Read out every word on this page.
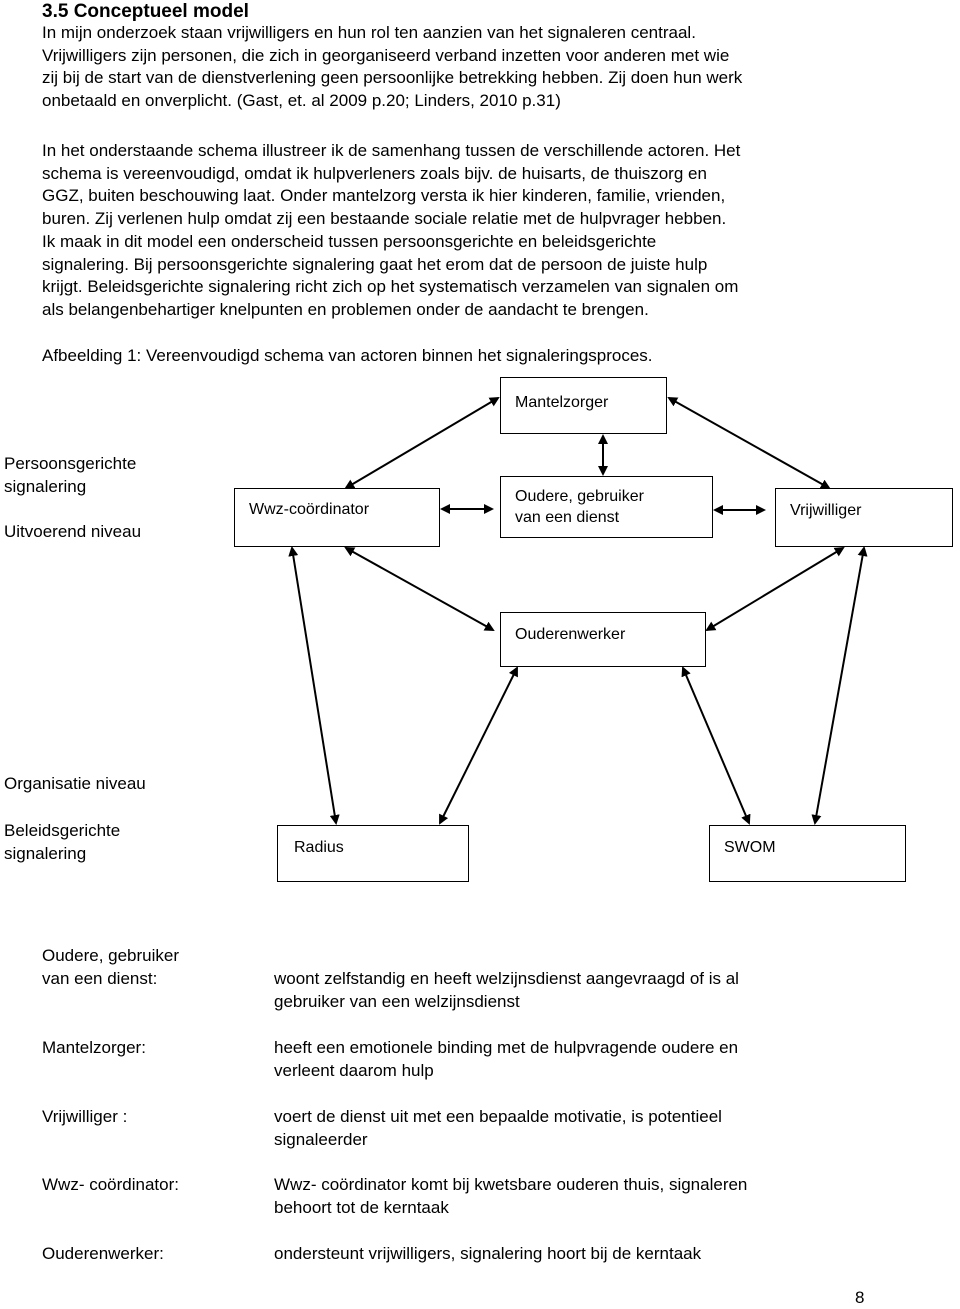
3.5 Conceptueel model
In mijn onderzoek staan vrijwilligers en hun rol ten aanzien van het signaleren centraal.
Vrijwilligers zijn personen, die zich in georganiseerd verband inzetten voor anderen met wie
zij bij de start van de dienstverlening geen persoonlijke betrekking hebben. Zij doen hun werk
onbetaald en onverplicht. (Gast, et. al 2009 p.20; Linders, 2010 p.31)
In het onderstaande schema illustreer ik de samenhang tussen de verschillende actoren. Het
schema is vereenvoudigd, omdat ik hulpverleners zoals bijv. de huisarts, de thuiszorg en
GGZ, buiten beschouwing laat. Onder mantelzorg versta ik hier kinderen, familie, vrienden,
buren. Zij verlenen hulp omdat zij een bestaande sociale relatie met de hulpvrager hebben.
Ik maak in dit model een onderscheid tussen persoonsgerichte en beleidsgerichte
signalering. Bij persoonsgerichte signalering gaat het erom dat de persoon de juiste hulp
krijgt. Beleidsgerichte signalering richt zich op het systematisch verzamelen van signalen om
als belangenbehartiger knelpunten en problemen onder de aandacht te brengen.
Afbeelding 1: Vereenvoudigd schema van actoren binnen het signaleringsproces.
Persoonsgerichte
signalering
Uitvoerend niveau
Organisatie niveau
Beleidsgerichte
signalering
Mantelzorger
Wwz-coördinator
Oudere, gebruiker
van een dienst	Vrijwilliger
Ouderenwerker
Radius	SWOM
Oudere, gebruiker
van een dienst:	woont zelfstandig en heeft welzijnsdienst aangevraagd of is al
gebruiker van een welzijnsdienst
Mantelzorger:	heeft een emotionele binding met de hulpvragende oudere en
verleent daarom hulp
Vrijwilliger :	voert de dienst uit met een bepaalde motivatie, is potentieel
signaleerder
Wwz- coördinator:	Wwz- coördinator komt bij kwetsbare ouderen thuis, signaleren
behoort tot de kerntaak
Ouderenwerker:	ondersteunt vrijwilligers, signalering hoort bij de kerntaak
8
